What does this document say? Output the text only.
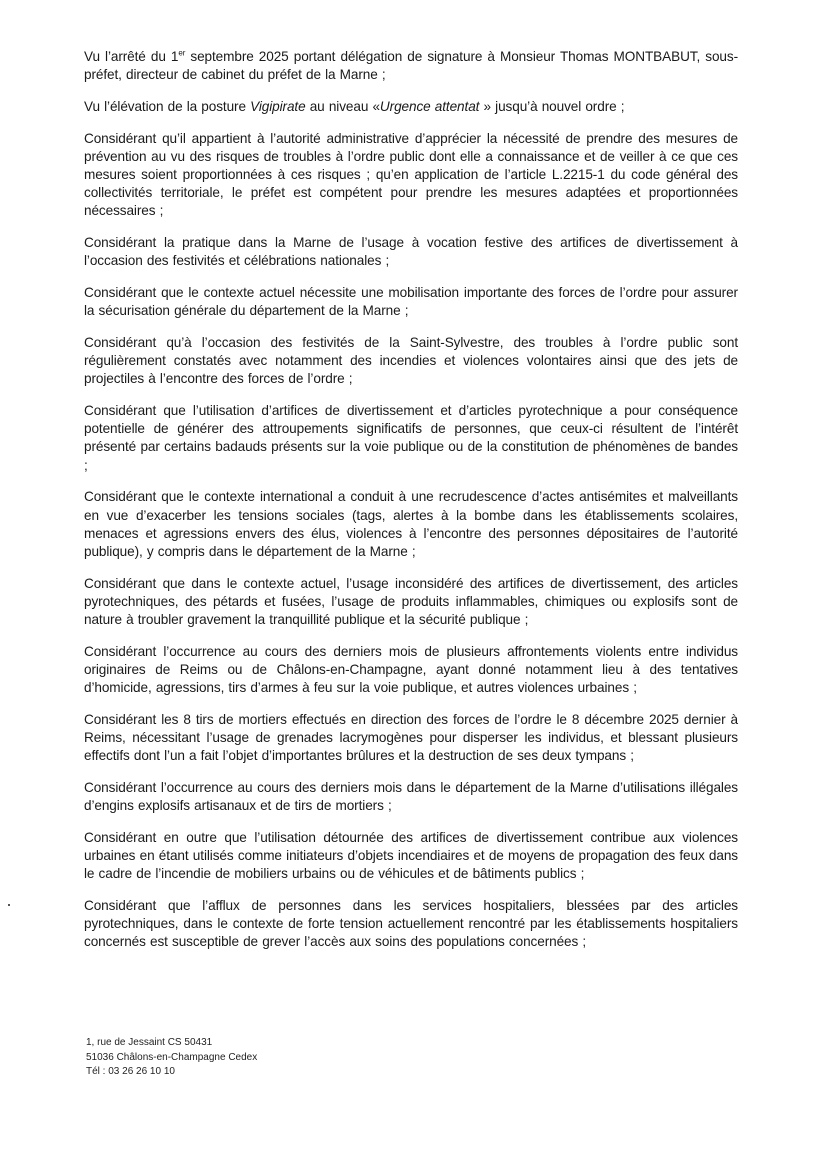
Vu l’arrêté du 1er septembre 2025 portant délégation de signature à Monsieur Thomas MONTBABUT, sous-préfet, directeur de cabinet du préfet de la Marne ;

Vu l’élévation de la posture Vigipirate au niveau «Urgence attentat » jusqu’à nouvel ordre ;

Considérant qu’il appartient à l’autorité administrative d’apprécier la nécessité de prendre des mesures de prévention au vu des risques de troubles à l’ordre public dont elle a connaissance et de veiller à ce que ces mesures soient proportionnées à ces risques ; qu’en application de l’article L.2215-1 du code général des collectivités territoriale, le préfet est compétent pour prendre les mesures adaptées et proportionnées nécessaires ;

Considérant la pratique dans la Marne de l’usage à vocation festive des artifices de divertissement à l’occasion des festivités et célébrations nationales ;

Considérant que le contexte actuel nécessite une mobilisation importante des forces de l’ordre pour assurer la sécurisation générale du département de la Marne ;

Considérant qu’à l’occasion des festivités de la Saint-Sylvestre, des troubles à l’ordre public sont régulièrement constatés avec notamment des incendies et violences volontaires ainsi que des jets de projectiles à l’encontre des forces de l’ordre ;

Considérant que l’utilisation d’artifices de divertissement et d’articles pyrotechnique a pour conséquence potentielle de générer des attroupements significatifs de personnes, que ceux-ci résultent de l’intérêt présenté par certains badauds présents sur la voie publique ou de la constitution de phénomènes de bandes ;

Considérant que le contexte international a conduit à une recrudescence d’actes antisémites et malveillants en vue d’exacerber les tensions sociales (tags, alertes à la bombe dans les établissements scolaires, menaces et agressions envers des élus, violences à l’encontre des personnes dépositaires de l’autorité publique), y compris dans le département de la Marne ;

Considérant que dans le contexte actuel, l’usage inconsidéré des artifices de divertissement, des articles pyrotechniques, des pétards et fusées, l’usage de produits inflammables, chimiques ou explosifs sont de nature à troubler gravement la tranquillité publique et la sécurité publique ;

Considérant l’occurrence au cours des derniers mois de plusieurs affrontements violents entre individus originaires de Reims ou de Châlons-en-Champagne, ayant donné notamment lieu à des tentatives d’homicide, agressions, tirs d’armes à feu sur la voie publique, et autres violences urbaines ;

Considérant les 8 tirs de mortiers effectués en direction des forces de l’ordre le 8 décembre 2025 dernier à Reims, nécessitant l’usage de grenades lacrymogènes pour disperser les individus, et blessant plusieurs effectifs dont l’un a fait l’objet d’importantes brûlures et la destruction de ses deux tympans ;

Considérant l’occurrence au cours des derniers mois dans le département de la Marne d’utilisations illégales d’engins explosifs artisanaux et de tirs de mortiers ;

Considérant en outre que l’utilisation détournée des artifices de divertissement contribue aux violences urbaines en étant utilisés comme initiateurs d’objets incendiaires et de moyens de propagation des feux dans le cadre de l’incendie de mobiliers urbains ou de véhicules et de bâtiments publics ;

Considérant que l’afflux de personnes dans les services hospitaliers, blessées par des articles pyrotechniques, dans le contexte de forte tension actuellement rencontré par les établissements hospitaliers concernés est susceptible de grever l’accès aux soins des populations concernées ;

1, rue de Jessaint CS 50431
51036 Châlons-en-Champagne Cedex
Tél : 03 26 26 10 10
